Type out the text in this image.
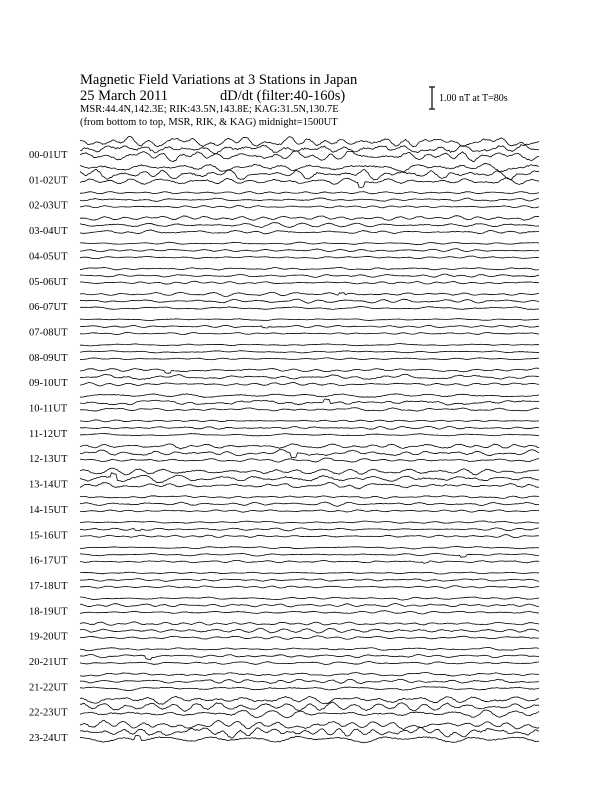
Magnetic Field Variations at 3 Stations in Japan
25 March 2011	dD/dt (filter:40-160s)
MSR:44.4N,142.3E; RIK:43.5N,143.8E; KAG:31.5N,130.7E
(from bottom to top, MSR, RIK, & KAG) midnight=1500UT
1.00 nT at T=80s
00-01UT
01-02UT
02-03UT
03-04UT
04-05UT
05-06UT
06-07UT
07-08UT
08-09UT
09-10UT
10-11UT
11-12UT
12-13UT
13-14UT
14-15UT
15-16UT
16-17UT
17-18UT
18-19UT
19-20UT
20-21UT
21-22UT
22-23UT
23-24UT
